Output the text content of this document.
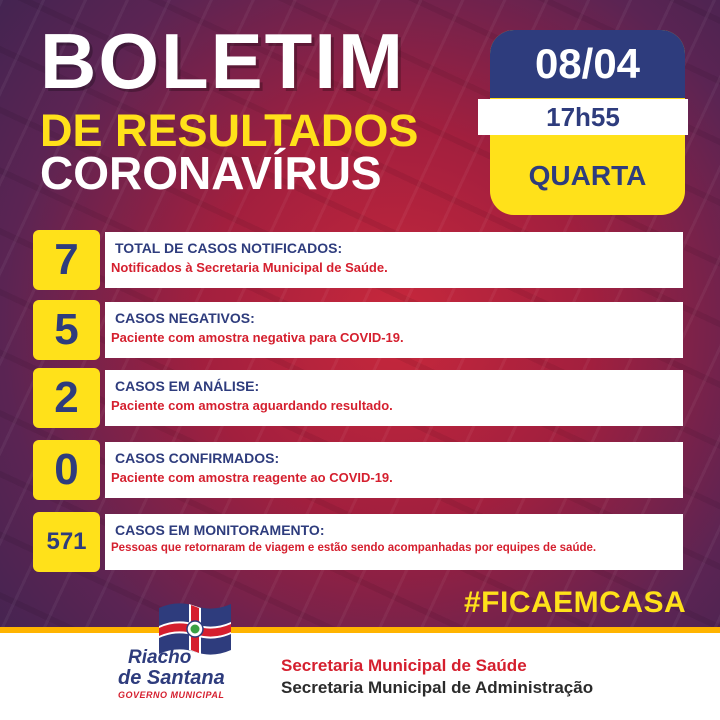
BOLETIM
DE RESULTADOS
CORONAVÍRUS
08/04
QUARTA
17h55
7	TOTAL DE CASOS NOTIFICADOS:
Notificados à Secretaria Municipal de Saúde.
5	CASOS NEGATIVOS:
Paciente com amostra negativa para COVID-19.
2	CASOS EM ANÁLISE:
Paciente com amostra aguardando resultado.
0	CASOS CONFIRMADOS:
Paciente com amostra reagente ao COVID-19.
571	CASOS EM MONITORAMENTO:
Pessoas que retornaram de viagem e estão sendo acompanhadas por equipes de saúde.
#FICAEMCASA
Riacho
de Santana
GOVERNO MUNICIPAL
Secretaria Municipal de Saúde
Secretaria Municipal de Administração
